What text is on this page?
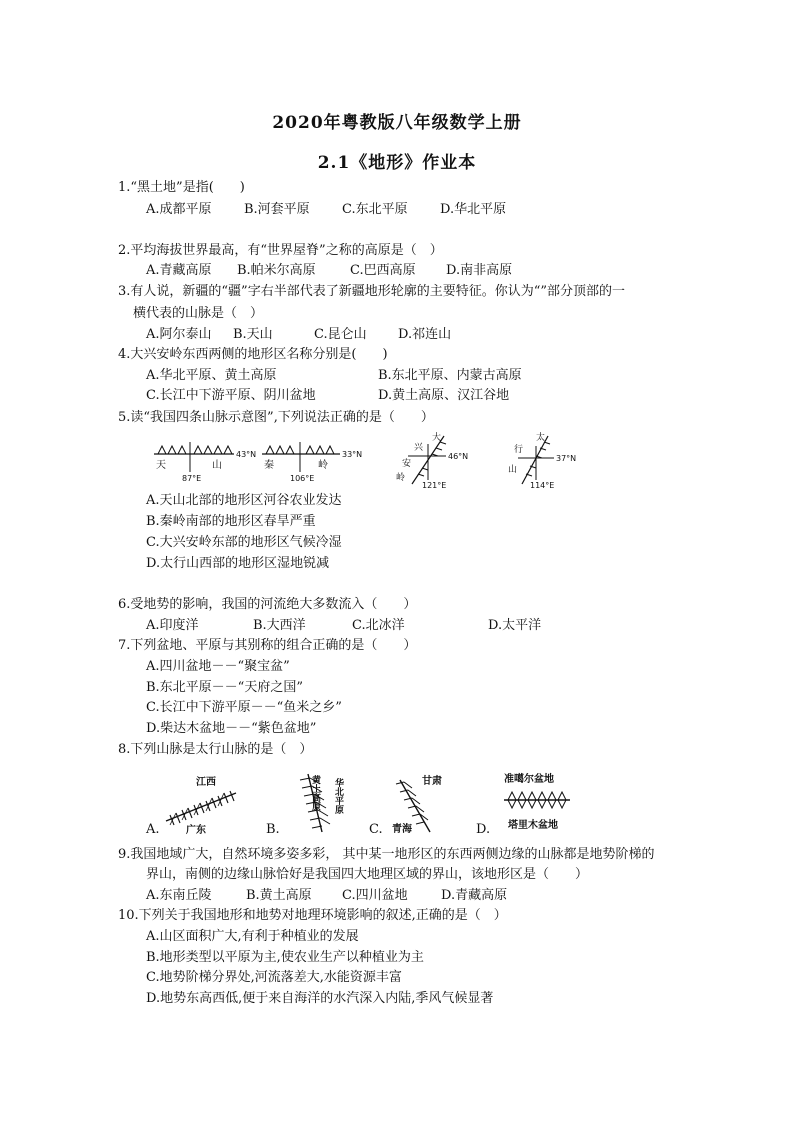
2020年粤教版八年级数学上册
2.1《地形》作业本
1.“黑土地”是指(　　)
A.成都平原 B.河套平原 C.东北平原 D.华北平原
2.平均海拔世界最高，有“世界屋脊”之称的高原是（　）
A.青藏高原 B.帕米尔高原	C.巴西高原 D.南非高原
3.有人说，新疆的“疆”字右半部代表了新疆地形轮廓的主要特征。你认为“”部分顶部的一
横代表的山脉是（　）
A.阿尔泰山 B.天山	C.昆仑山 D.祁连山
4.大兴安岭东西两侧的地形区名称分别是(　　)
A.华北平原、黄土高原	B.东北平原、内蒙古高原
C.长江中下游平原、阴川盆地	D.黄土高原、汉江谷地
5.读“我国四条山脉示意图”,下列说法正确的是（　　）
天	山
43°N
87°E
秦	岭
33°N
106°E
大
兴
安
岭
46°N
121°E
太
行
山
37°N
114°E
A.天山北部的地形区河谷农业发达
B.秦岭南部的地形区春旱严重
C.大兴安岭东部的地形区气候冷湿
D.太行山西部的地形区湿地锐减
6.受地势的影响，我国的河流绝大多数流入（　　）
A.印度洋	B.大西洋	C.北冰洋	D.太平洋
7.下列盆地、平原与其别称的组合正确的是（　　）
A.四川盆地－－“聚宝盆”
B.东北平原－－“天府之国”
C.长江中下游平原－－“鱼米之乡”
D.柴达木盆地－－“紫色盆地”
8.下列山脉是太行山脉的是（　）
A.
江西
广东	B.
黄土高原 华北平原
C.
甘肃
青海	D.
准噶尔盆地
塔里木盆地
9.我国地域广大，自然环境多姿多彩， 其中某一地形区的东西两侧边缘的山脉都是地势阶梯的
界山，南侧的边缘山脉恰好是我国四大地理区域的界山，该地形区是（　　）
A.东南丘陵	B.黄土高原 C.四川盆地	D.青藏高原
10.下列关于我国地形和地势对地理环境影响的叙述,正确的是（　）
A.山区面积广大,有利于种植业的发展
B.地形类型以平原为主,使农业生产以种植业为主
C.地势阶梯分界处,河流落差大,水能资源丰富
D.地势东高西低,便于来自海洋的水汽深入内陆,季风气候显著
